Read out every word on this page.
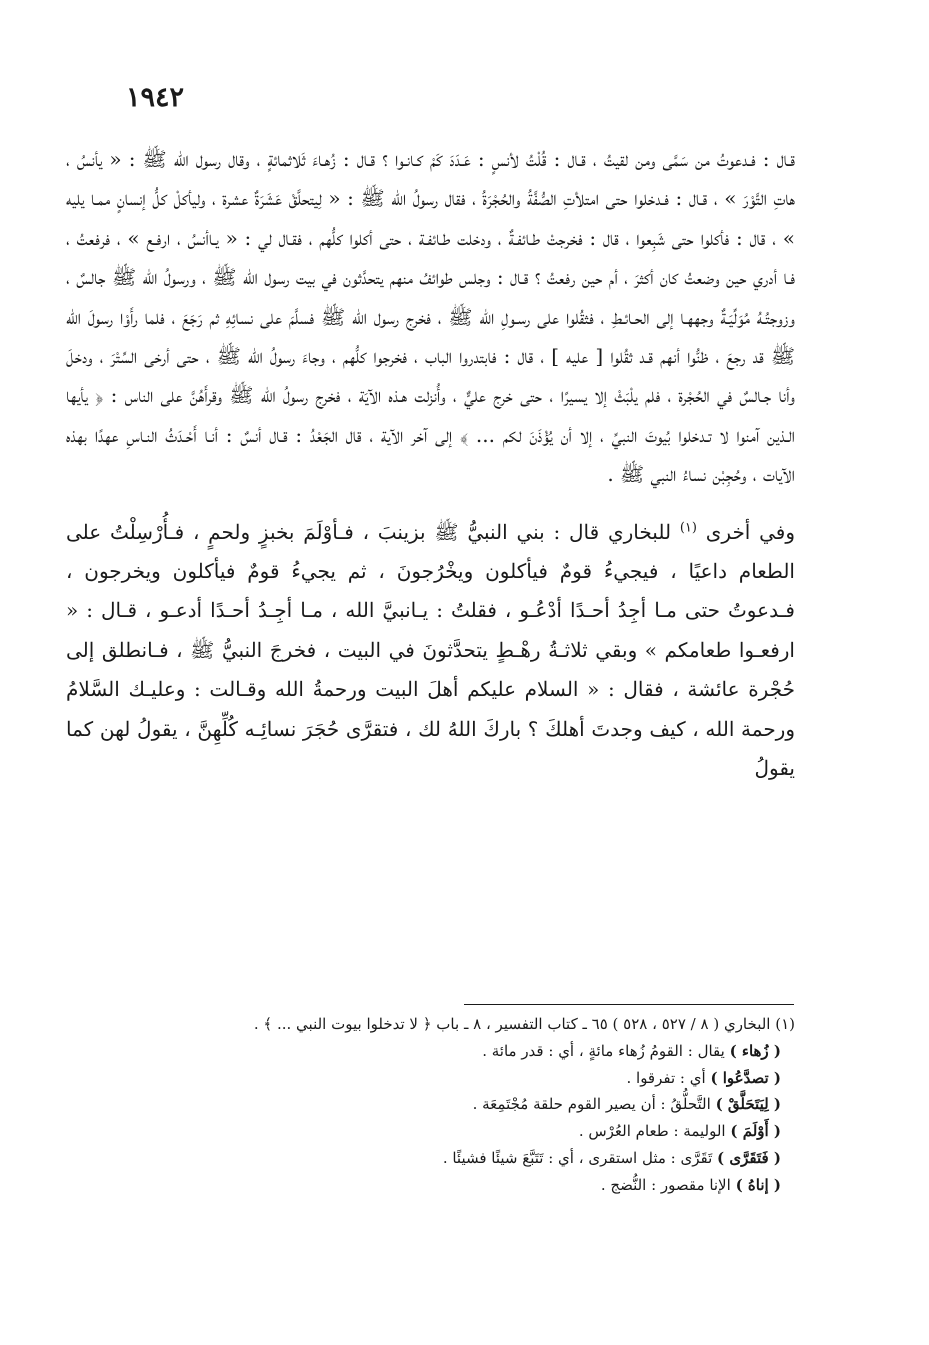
١٩٤٢

قـال : فـدعوتُ من سَمَّى ومن لقيتُ ، قـال : قُلْتُ لأنسٍ : عَـدَدَ كَمْ كـانـوا ؟ قـال : زُهـاءَ ثَلاثمائةٍ ، وقال رسول الله ﷺ : « يأنسُ ، هاتِ التَّوْرَ » ، قـال : فـدخلوا حتى امتلأتِ الصُّفَّةُ والحُجْرَةُ ، فقال رسولُ الله ﷺ : « لِيتحلَّقْ عَشَرَةٌ عشرة ، وليأكلْ كلُّ إنسانٍ ممـا يليه » ، قال : فأكلوا حتى شَبِعوا ، قال : فخرجتْ طـائفـةٌ ، ودخلت طـائفـة ، حتى أكلوا كلُّهم ، فقـال لي : « يـاأنسُ ، ارفـع » ، فرفعتُ ، فـا أدري حين وضعتُ كان أكثرَ ، أم حين رفعتُ ؟ قـال : وجلس طوائفُ منهم يتحدَّثون في بيت رسول الله ﷺ ، ورسولُ الله ﷺ جالسٌ ، وزوجتُـهُ مُوَلِّيَـةٌ وجههـا إلى الحـائـطِ ، فثقُلوا على رسـولِ الله ﷺ ، فخرج رسول الله ﷺ فسلَّمَ على نسائِهِ ثم رَجَعَ ، فلما رأَوْا رسولَ الله ﷺ قد رجعَ ، ظنُّوا أنهم قـد ثقُلوا [ عليه ] ، قال : فابتدروا الباب ، فخرجوا كلُّهم ، وجاءَ رسولُ الله ﷺ ، حتى أرخى السِّتْرَ ، ودخلَ وأنا جـالسٌ في الحُجْرة ، فلم يلْبَثْ إلا يسيرًا ، حتى خرج عليٌّ ، وأُنزلت هـذه الآيَة ، فخرج رسولُ الله ﷺ وقرأَهُنَّ على الناس : ﴿ يأيها الـذين آمنوا لا تـدخلوا بُيوتَ النبيِّ ، إلا أن يُؤْذَنَ لكم ... ﴾ إلى آخر الآية ، قال الجَعْدُ : قـال أنسٌ : أنـا أَحْـدَثُ النـاسِ عهدًا بهذه الآيات ، وحُجِبْن نساءُ النبي ﷺ .

وفي أخرى $^{(١)}$ للبخاري قال : بني النبيُّ ﷺ بزينبَ ، فـأوْلَمَ بخبزٍ ولحمٍ ، فـأُرْسِلْتُ على الطعام داعيًا ، فيجيءُ قومٌ فيأكلون ويخْرُجونَ ، ثم يجيءُ قومٌ فيأكلون ويخرجون ، فـدعوتُ حتى مـا أجِدُ أحـدًا أدْعُـو ، فقلتُ : يـانبيَّ الله ، مـا أجِـدُ أحـدًا أدعـو ، قـال : « ارفعـوا طعامكم » وبقي ثلاثـةُ رهْـطٍ يتحدَّثونَ في البيت ، فخرجَ النبيُّ ﷺ ، فـانطلق إلى حُجْرة عائشة ، فقال : « السلام عليكم أهلَ البيت ورحمةُ الله وقـالت : وعليـك السَّلامُ ورحمة الله ، كيف وجدتَ أهلكَ ؟ باركَ اللهُ لك ، فتقرَّى حُجَرَ نسائِـه كُلِّهِنَّ ، يقولُ لهن كما يقولُ

(١) البخاري ( ٨ / ٥٢٧ ، ٥٢٨ ) ٦٥ ـ كتاب التفسير ، ٨ ـ باب ﴿ لا تدخلوا بيوت النبي ... ﴾ .

( زُهاء ) يقال : القومُ زُهاء مائةٍ ، أي : قدر مائة .

( تصدَّعُوا ) أي : تفرقوا .

( لِيَتَحَلَّقْ ) التَّحلُّقُ : أن يصير القوم حلقة مُجْتَمِعَة .

( أَوْلَمَ ) الوليمة : طعام العُرْس .

( فَتَقَرَّى ) تَقَرَّى : مثل استقرى ، أي : تَتَبَّعَ شيئًا فشيئًا .

( إناهُ ) الإنا مقصور : النُّضج .
